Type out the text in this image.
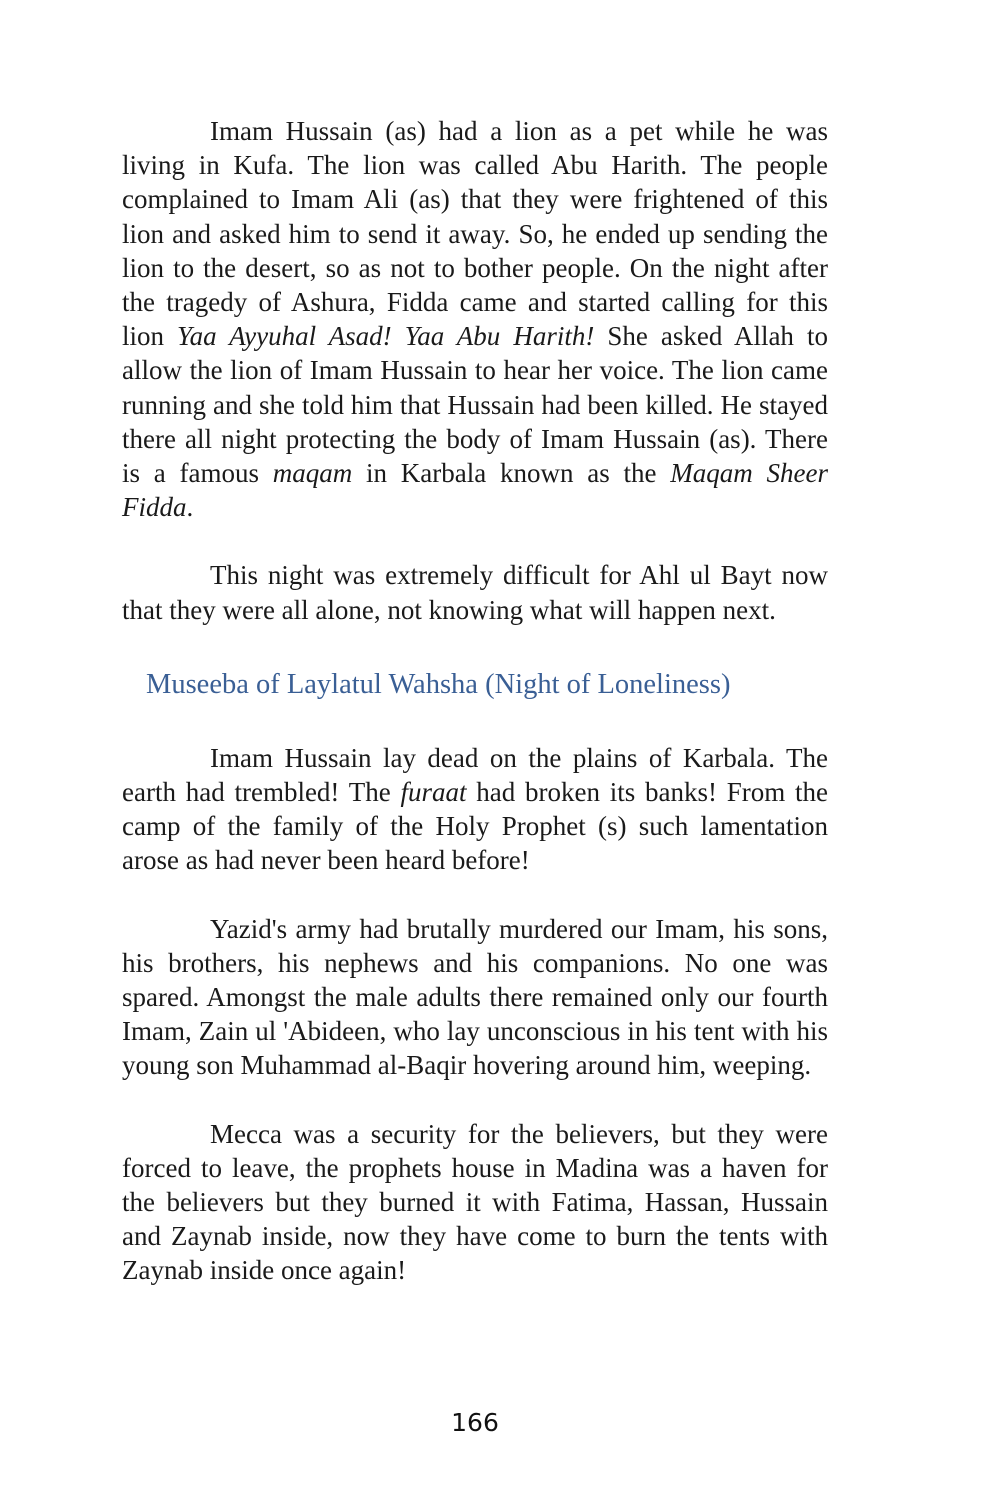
Imam Hussain (as) had a lion as a pet while he was living in Kufa. The lion was called Abu Harith. The people complained to Imam Ali (as) that they were frightened of this lion and asked him to send it away. So, he ended up sending the lion to the desert, so as not to bother people. On the night after the tragedy of Ashura, Fidda came and started calling for this lion Yaa Ayyuhal Asad! Yaa Abu Harith! She asked Allah to allow the lion of Imam Hussain to hear her voice. The lion came running and she told him that Hussain had been killed. He stayed there all night protecting the body of Imam Hussain (as). There is a famous maqam in Karbala known as the Maqam Sheer Fidda.

This night was extremely difficult for Ahl ul Bayt now that they were all alone, not knowing what will happen next.

Museeba of Laylatul Wahsha (Night of Loneliness)

Imam Hussain lay dead on the plains of Karbala. The earth had trembled! The furaat had broken its banks! From the camp of the family of the Holy Prophet (s) such lamentation arose as had never been heard before!

Yazid's army had brutally murdered our Imam, his sons, his brothers, his nephews and his companions. No one was spared. Amongst the male adults there remained only our fourth Imam, Zain ul 'Abideen, who lay unconscious in his tent with his young son Muhammad al-Baqir hovering around him, weeping.

Mecca was a security for the believers, but they were forced to leave, the prophets house in Madina was a haven for the believers but they burned it with Fatima, Hassan, Hussain and Zaynab inside, now they have come to burn the tents with Zaynab inside once again!

166
